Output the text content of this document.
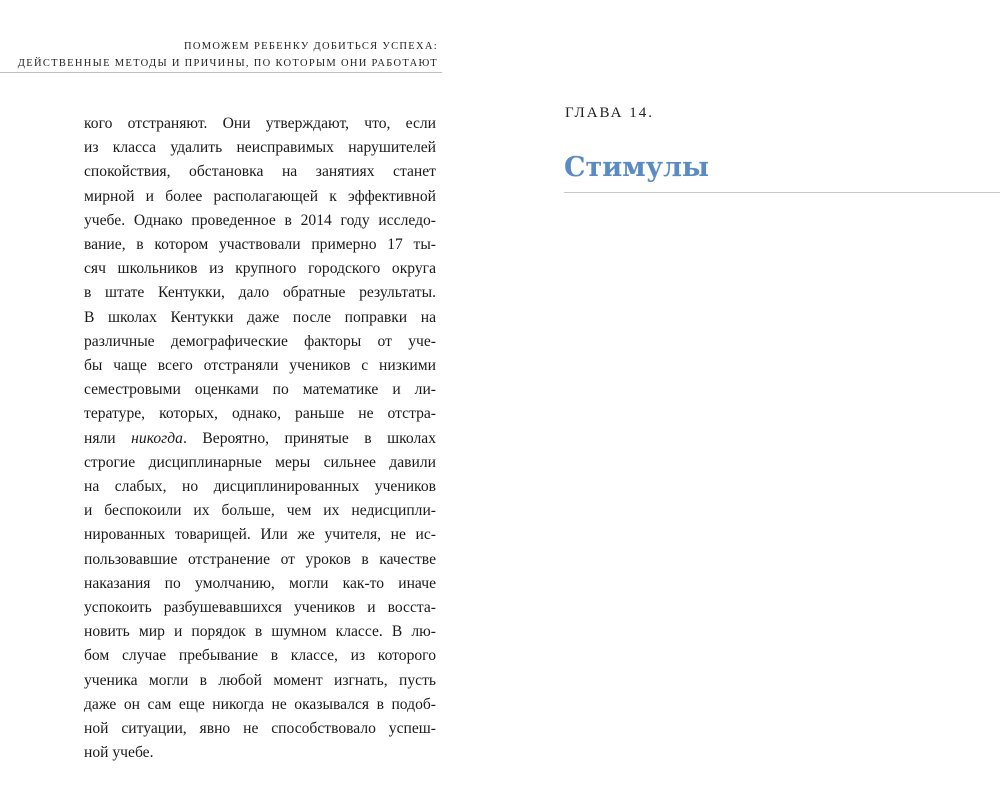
ПОМОЖЕМ РЕБЕНКУ ДОБИТЬСЯ УСПЕХА:
ДЕЙСТВЕННЫЕ МЕТОДЫ И ПРИЧИНЫ, ПО КОТОРЫМ ОНИ РАБОТАЮТ
кого отстраняют. Они утверждают, что, если
из класса удалить неисправимых нарушителей
спокойствия, обстановка на занятиях станет
мирной и более располагающей к эффективной
учебе. Однако проведенное в 2014 году исследо-
вание, в котором участвовали примерно 17 ты-
сяч школьников из крупного городского округа
в штате Кентукки, дало обратные результаты.
В школах Кентукки даже после поправки на
различные демографические факторы от уче-
бы чаще всего отстраняли учеников с низкими
семестровыми оценками по математике и ли-
тературе, которых, однако, раньше не отстра-
няли никогда. Вероятно, принятые в школах
строгие дисциплинарные меры сильнее давили
на слабых, но дисциплинированных учеников
и беспокоили их больше, чем их недисципли-
нированных товарищей. Или же учителя, не ис-
пользовавшие отстранение от уроков в качестве
наказания по умолчанию, могли как-то иначе
успокоить разбушевавшихся учеников и восста-
новить мир и порядок в шумном классе. В лю-
бом случае пребывание в классе, из которого
ученика могли в любой момент изгнать, пусть
даже он сам еще никогда не оказывался в подоб-
ной ситуации, явно не способствовало успеш-
ной учебе.
ГЛАВА 14.
Стимулы
